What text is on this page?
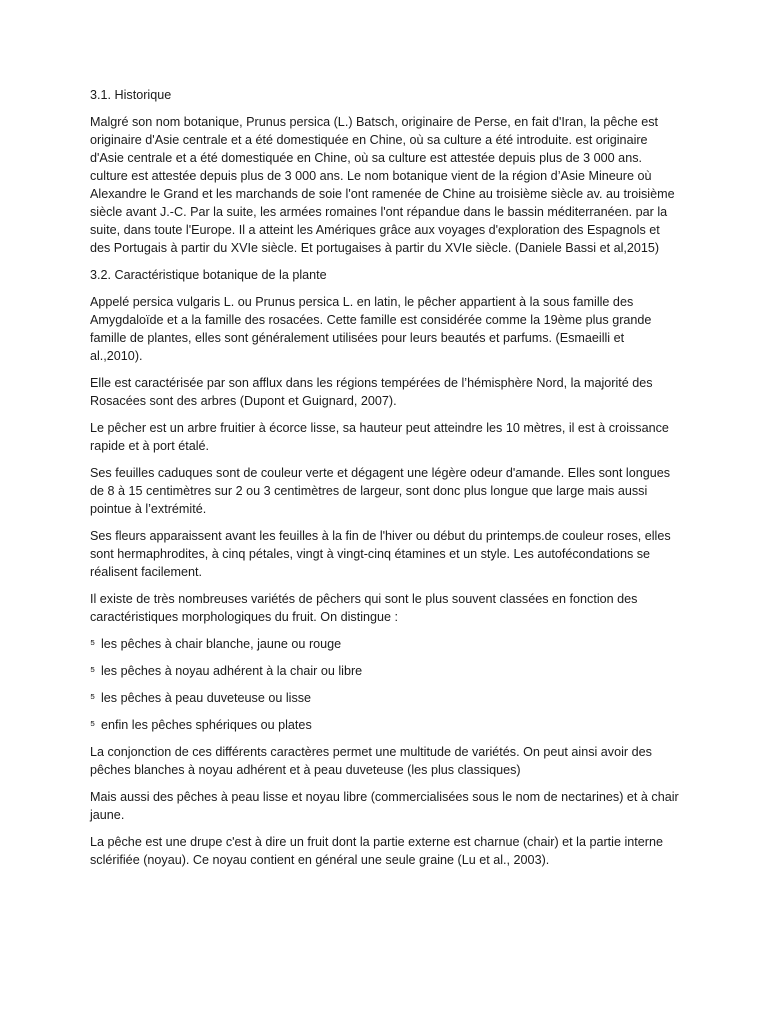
3.1. Historique

Malgré son nom botanique, Prunus persica (L.) Batsch, originaire de Perse, en fait d'Iran, la pêche est originaire d'Asie centrale et a été domestiquée en Chine, où sa culture a été introduite. est originaire d'Asie centrale et a été domestiquée en Chine, où sa culture est attestée depuis plus de 3 000 ans. culture est attestée depuis plus de 3 000 ans. Le nom botanique vient de la région d’Asie Mineure où Alexandre le Grand et les marchands de soie l'ont ramenée de Chine au troisième siècle av. au troisième siècle avant J.-C. Par la suite, les armées romaines l'ont répandue dans le bassin méditerranéen. par la suite, dans toute l'Europe. Il a atteint les Amériques grâce aux voyages d'exploration des Espagnols et des Portugais à partir du XVIe siècle. Et portugaises à partir du XVIe siècle. (Daniele Bassi et al,2015)

3.2. Caractéristique botanique de la plante

Appelé persica vulgaris L. ou Prunus persica L. en latin, le pêcher appartient à la sous famille des Amygdaloïde et a la famille des rosacées. Cette famille est considérée comme la 19ème plus grande famille de plantes, elles sont généralement utilisées pour leurs beautés et parfums. (Esmaeilli et al.,2010).

Elle est caractérisée par son afflux dans les régions tempérées de l’hémisphère Nord, la majorité des Rosacées sont des arbres (Dupont et Guignard, 2007).

Le pêcher est un arbre fruitier à écorce lisse, sa hauteur peut atteindre les 10 mètres, il est à croissance rapide et à port étalé.

Ses feuilles caduques sont de couleur verte et dégagent une légère odeur d'amande. Elles sont longues de 8 à 15 centimètres sur 2 ou 3 centimètres de largeur, sont donc plus longue que large mais aussi pointue à l’extrémité.

Ses fleurs apparaissent avant les feuilles à la fin de l'hiver ou début du printemps.de couleur roses, elles sont hermaphrodites, à cinq pétales, vingt à vingt-cinq étamines et un style. Les autofécondations se réalisent facilement.

Il existe de très nombreuses variétés de pêchers qui sont le plus souvent classées en fonction des caractéristiques morphologiques du fruit. On distingue :

⁵ les pêches à chair blanche, jaune ou rouge
⁵ les pêches à noyau adhérent à la chair ou libre
⁵ les pêches à peau duveteuse ou lisse
⁵ enfin les pêches sphériques ou plates

La conjonction de ces différents caractères permet une multitude de variétés. On peut ainsi avoir des pêches blanches à noyau adhérent et à peau duveteuse (les plus classiques)

Mais aussi des pêches à peau lisse et noyau libre (commercialisées sous le nom de nectarines) et à chair jaune.

La pêche est une drupe c'est à dire un fruit dont la partie externe est charnue (chair) et la partie interne sclérifiée (noyau). Ce noyau contient en général une seule graine (Lu et al., 2003).
